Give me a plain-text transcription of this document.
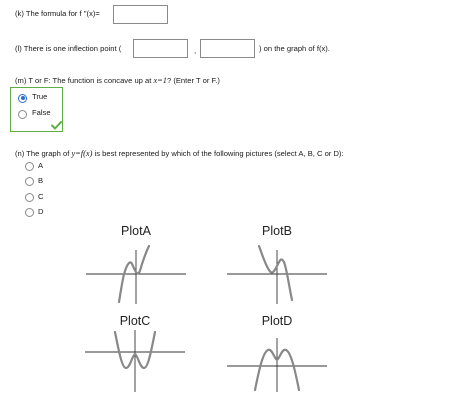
(k) The formula for f ''(x)=
(l) There is one inflection point (	,	) on the graph of f(x).
(m) T or F: The function is concave up at x=1? (Enter T or F.)
True
False
(n) The graph of y=f(x) is best represented by which of the following pictures (select A, B, C or D):
A
B
C
D
PlotA	PlotB
PlotC	PlotD
